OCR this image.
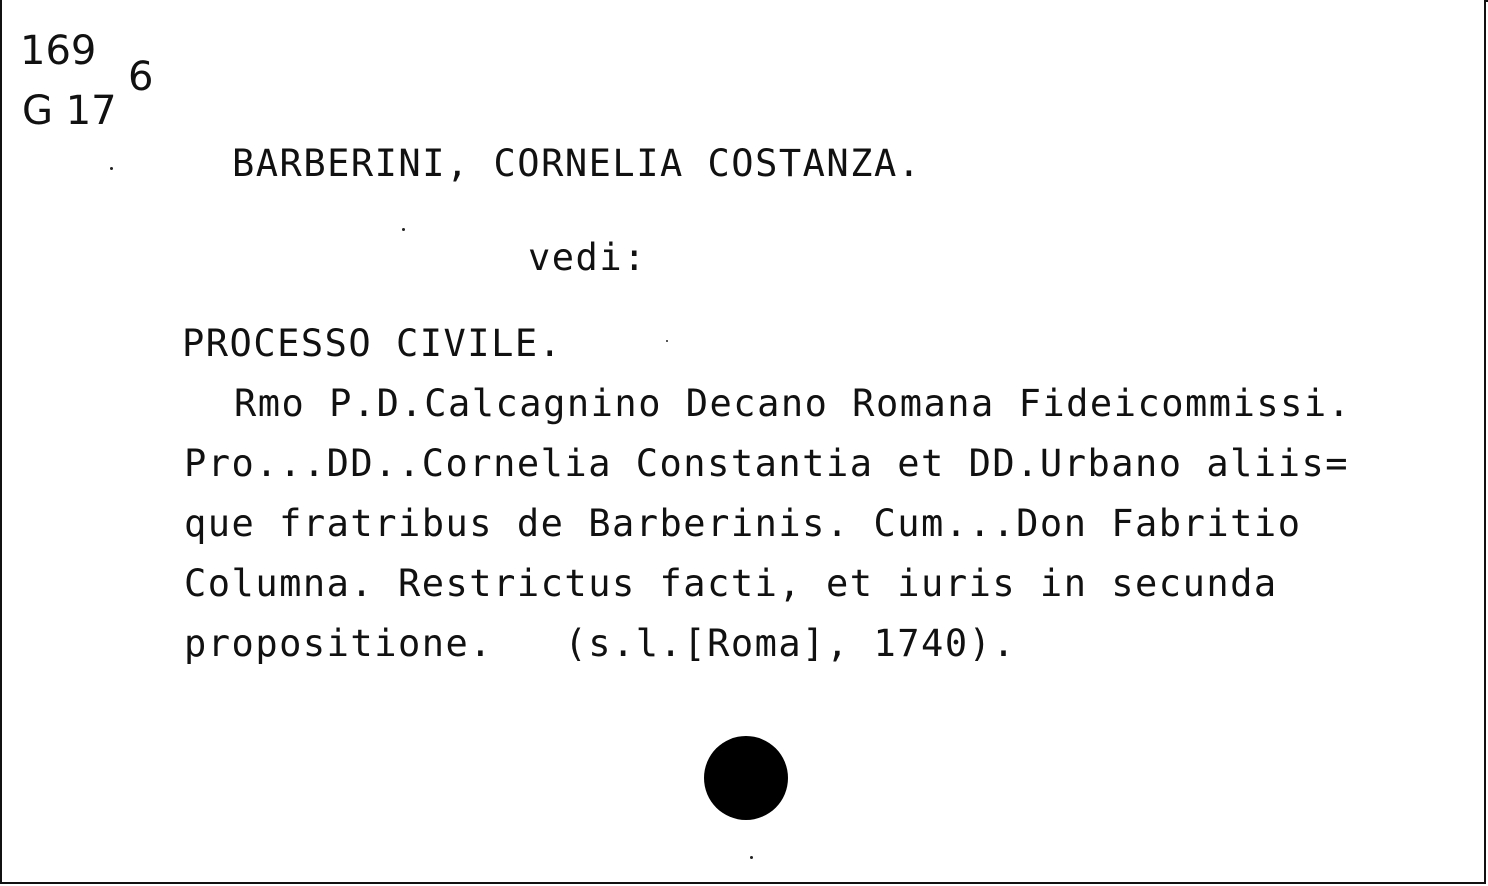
169
G 17
6
BARBERINI, CORNELIA COSTANZA.
vedi:
PROCESSO CIVILE.
Rmo P.D.Calcagnino Decano Romana Fideicommissi.
Pro...DD..Cornelia Constantia et DD.Urbano aliis=
que fratribus de Barberinis. Cum...Don Fabritio
Columna. Restrictus facti, et iuris in secunda
propositione.   (s.l.[Roma], 1740).
